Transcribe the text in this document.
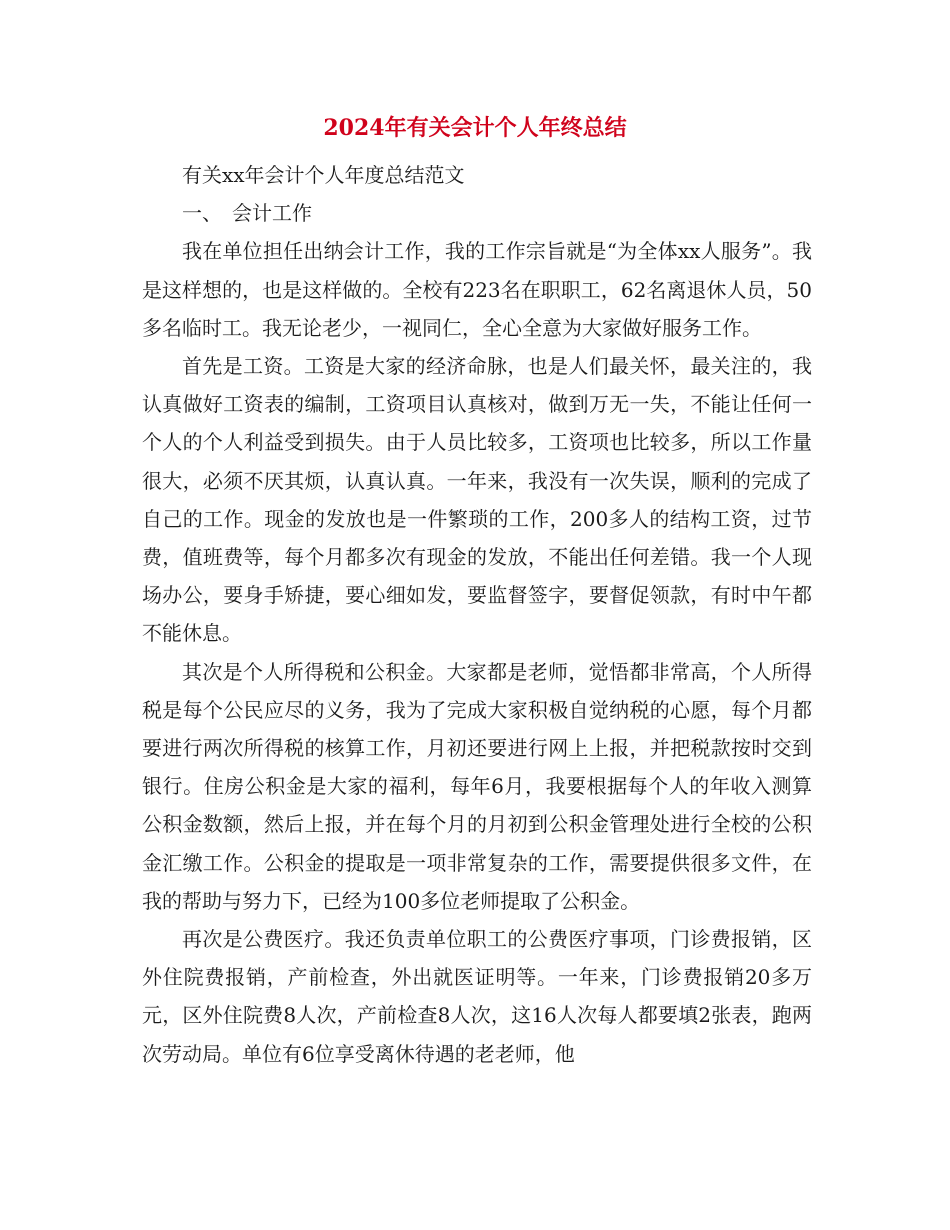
2024年有关会计个人年终总结

有关xx年会计个人年度总结范文

一、　会计工作

我在单位担任出纳会计工作，我的工作宗旨就是“为全体xx人服务”。我是这样想的，也是这样做的。全校有223名在职职工，62名离退休人员，50多名临时工。我无论老少，一视同仁，全心全意为大家做好服务工作。

首先是工资。工资是大家的经济命脉，也是人们最关怀，最关注的，我认真做好工资表的编制，工资项目认真核对，做到万无一失，不能让任何一个人的个人利益受到损失。由于人员比较多，工资项也比较多，所以工作量很大，必须不厌其烦，认真认真。一年来，我没有一次失误，顺利的完成了自己的工作。现金的发放也是一件繁琐的工作，200多人的结构工资，过节费，值班费等，每个月都多次有现金的发放，不能出任何差错。我一个人现场办公，要身手矫捷，要心细如发，要监督签字，要督促领款，有时中午都不能休息。

其次是个人所得税和公积金。大家都是老师，觉悟都非常高，个人所得税是每个公民应尽的义务，我为了完成大家积极自觉纳税的心愿，每个月都要进行两次所得税的核算工作，月初还要进行网上上报，并把税款按时交到银行。住房公积金是大家的福利，每年6月，我要根据每个人的年收入测算公积金数额，然后上报，并在每个月的月初到公积金管理处进行全校的公积金汇缴工作。公积金的提取是一项非常复杂的工作，需要提供很多文件，在我的帮助与努力下，已经为100多位老师提取了公积金。

再次是公费医疗。我还负责单位职工的公费医疗事项，门诊费报销，区外住院费报销，产前检查，外出就医证明等。一年来，门诊费报销20多万元，区外住院费8人次，产前检查8人次，这16人次每人都要填2张表，跑两次劳动局。单位有6位享受离休待遇的老老师，他
